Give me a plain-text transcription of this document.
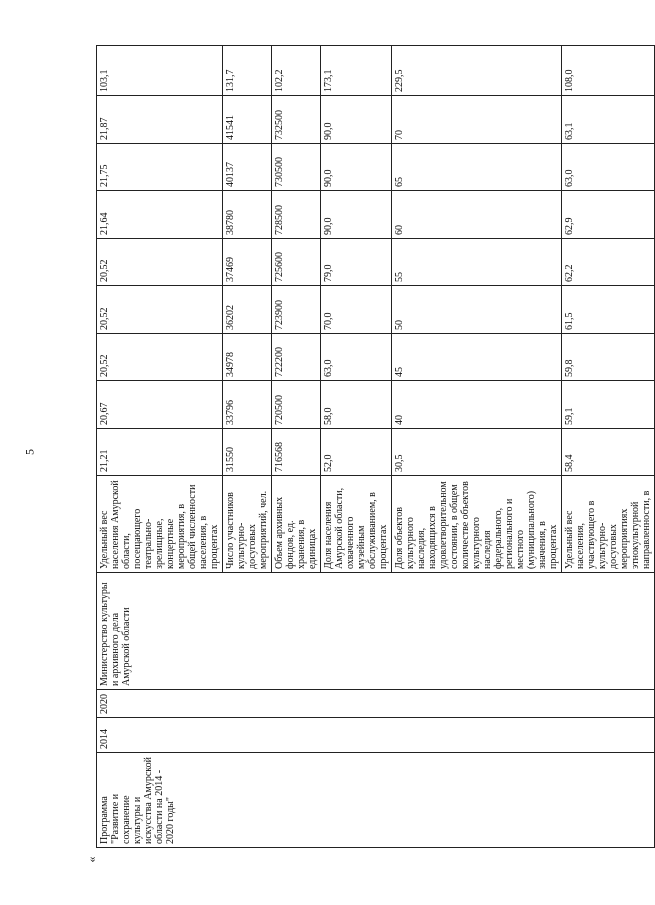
5
«
Программа "Развитие и сохранение культуры и искусства Амурской области на 2014 - 2020 годы"	2014	2020	Министерство культуры и архивного дела Амурской области	Удельный вес населения Амурской области, посещающего театрально-зрелищные, концертные мероприятия, в общей численности населения, в процентах	21,21	20,67	20,52	20,52	20,52	21,64	21,75	21,87	103,1
				Число участников культурно-досуговых мероприятий, чел.	31550	33796	34978	36202	37469	38780	40137	41541	131,7
				Объем архивных фондов, ед. хранения, в единицах	716568	720500	722200	723900	725600	728500	730500	732500	102,2
				Доля населения Амурской области, охваченного музейным обслуживанием, в процентах	52,0	58,0	63,0	70,0	79,0	90,0	90,0	90,0	173,1
				Доля объектов культурного наследия, находящихся в удовлетворительном состоянии, в общем количестве объектов культурного наследия федерального, регионального и местного (муниципального) значения, в процентах	30,5	40	45	50	55	60	65	70	229,5
				Удельный вес населения, участвующего в культурно-досуговых мероприятиях этнокультурной направленности, в	58,4	59,1	59,8	61,5	62,2	62,9	63,0	63,1	108,0
